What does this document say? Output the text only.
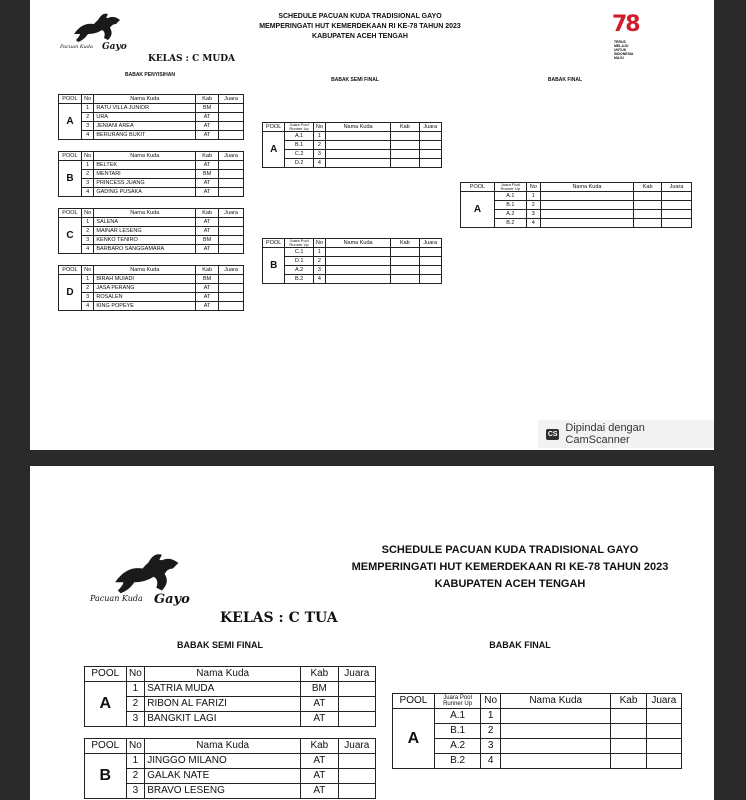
Pacuan Kuda Gayo
SCHEDULE PACUAN KUDA TRADISIONAL GAYO
MEMPERINGATI HUT KEMERDEKAAN RI KE-78 TAHUN 2023
KABUPATEN ACEH TENGAH	78
TERUS
MELAJU
UNTUK
INDONESIA
MAJU
KELAS : C MUDA
BABAK PENYISIHAN
BABAK SEMI FINAL	BABAK FINAL
POOL	No	Nama Kuda	Kab	Juara
A	1	RATU VILLA JUNIOR	BM	
	2	URA	AT	
	3	JENIANI AREA	AT	
	4	BERURANG BUKIT	AT	
POOL	No	Nama Kuda	Kab	Juara
B	1	BELTEK	AT	
	2	MENTARI	BM	
	3	PRINCESS JUANG	AT	
	4	GADING PUSAKA	AT	
POOL	No	Nama Kuda	Kab	Juara
C	1	SALENA	AT	
	2	MAINAR LESENG	AT	
	3	KENKO TENIRO	BM	
	4	BARBARO SANGGAMARA	AT	
POOL	No	Nama Kuda	Kab	Juara
D	1	BIRAH MUIADI	BM	
	2	JASA PERANG	AT	
	3	ROSALEN	AT	
	4	KING POPEYE	AT	
POOL	Juara Pool
Runner Up	No	Nama Kuda	Kab	Juara
A	A.1	1			
	B.1	2			
	C.2	3			
	D.2	4			
POOL	Juara Pool
Runner Up	No	Nama Kuda	Kab	Juara
B	C.1	1			
	D.1	2			
	A.2	3			
	B.2	4			
POOL	Juara Pool
Runner Up	No	Nama Kuda	Kab	Juara
A	A.1	1			
	B.1	2			
	A.2	3			
	B.2	4			
CS Dipindai dengan CamScanner
Pacuan Kuda Gayo
SCHEDULE PACUAN KUDA TRADISIONAL GAYO
MEMPERINGATI HUT KEMERDEKAAN RI KE-78 TAHUN 2023
KABUPATEN ACEH TENGAH
KELAS : C TUA
BABAK SEMI FINAL	BABAK FINAL
POOL	No	Nama Kuda	Kab	Juara
A	1	SATRIA MUDA	BM	
	2	RIBON AL FARIZI	AT	
	3	BANGKIT LAGI	AT	
POOL	No	Nama Kuda	Kab	Juara
B	1	JINGGO MILANO	AT	
	2	GALAK NATE	AT	
	3	BRAVO LESENG	AT	
POOL	Juara Pool
Runner Up	No	Nama Kuda	Kab	Juara
A	A.1	1			
	B.1	2			
	A.2	3			
	B.2	4			
